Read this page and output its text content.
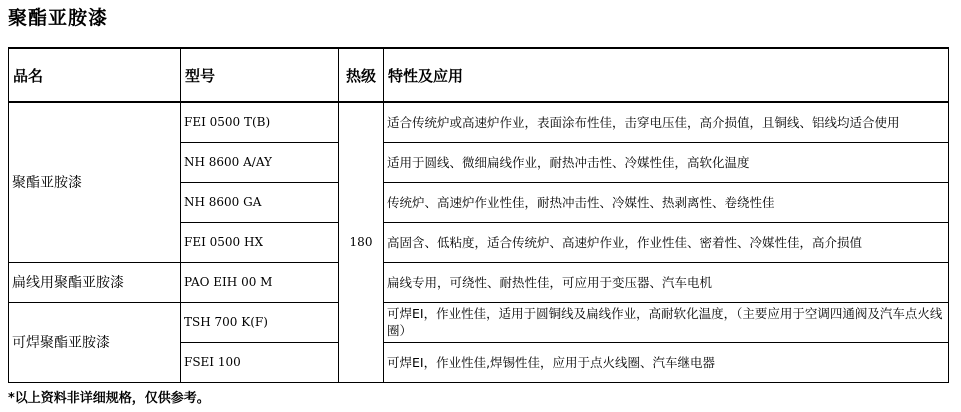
聚酯亚胺漆
品名	型号	热级	特性及应用
聚酯亚胺漆	FEI 0500 T(B)	180	适合传统炉或高速炉作业，表面涂布性佳，击穿电压佳，高介损值，且铜线、铝线均适合使用
	NH 8600 A/AY		适用于圆线、微细扁线作业，耐热冲击性、冷媒性佳，高软化温度
	NH 8600 GA		传统炉、高速炉作业性佳，耐热冲击性、冷媒性、热剥离性、卷绕性佳
	FEI 0500 HX		高固含、低粘度，适合传统炉、高速炉作业，作业性佳、密着性、冷媒性佳，高介损值
扁线用聚酯亚胺漆	PAO EIH 00 M		扁线专用，可绕性、耐热性佳，可应用于变压器、汽车电机
可焊聚酯亚胺漆	TSH 700 K(F)		可焊EI，作业性佳，适用于圆铜线及扁线作业，高耐软化温度，（主要应用于空调四通阀及汽车点火线圈）
	FSEI 100		可焊EI，作业性佳,焊锡性佳，应用于点火线圈、汽车继电器
*以上资料非详细规格，仅供参考。
